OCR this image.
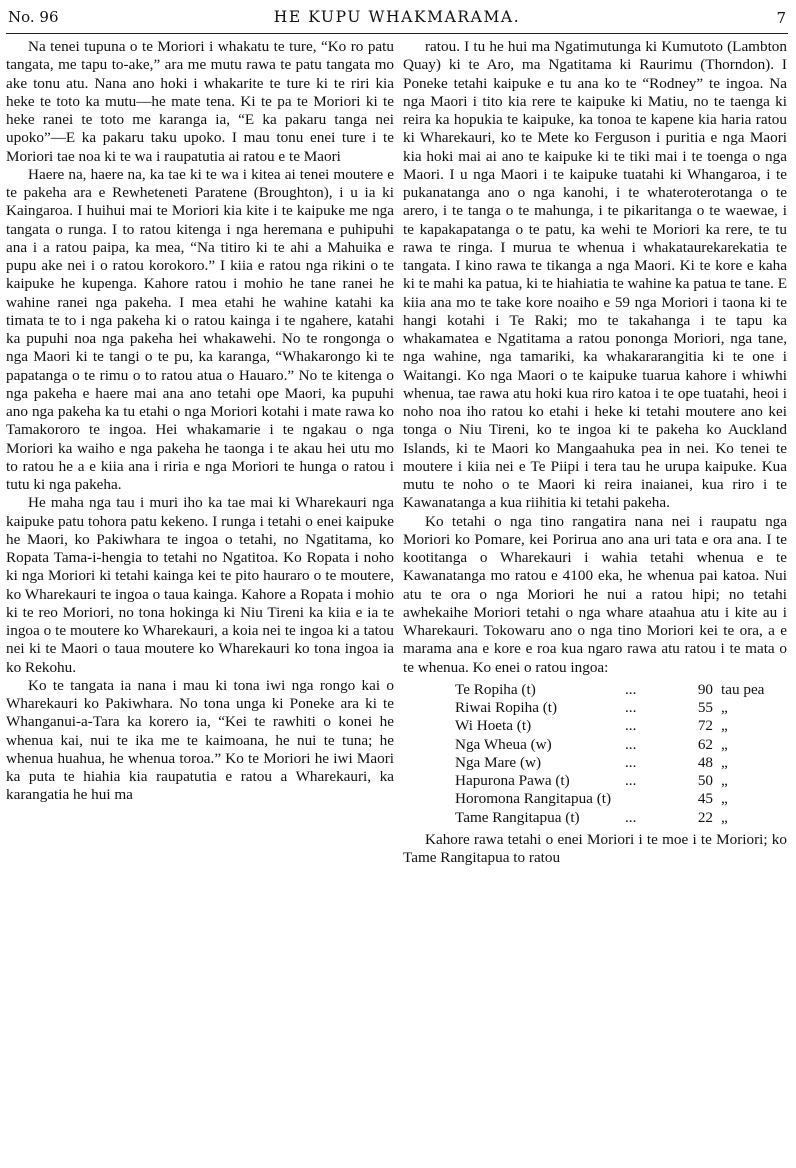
No. 96	HE KUPU WHAKMARAMA.	7

Na tenei tupuna o te Moriori i whakatu te ture, “Ko ro patu tangata, me tapu to-ake,” ara me mutu rawa te patu tangata mo ake tonu atu. Nana ano hoki i whakarite te ture ki te riri kia heke te toto ka mutu—he mate tena. Ki te pa te Moriori ki te heke ranei te toto me karanga ia, “E ka pakaru tanga nei upoko”—E ka pakaru taku upoko. I mau tonu enei ture i te Moriori tae noa ki te wa i raupatutia ai ratou e te Maori

Haere na, haere na, ka tae ki te wa i kitea ai tenei moutere e te pakeha ara e Rewheteneti Paratene (Broughton), i u ia ki Kaingaroa. I huihui mai te Moriori kia kite i te kaipuke me nga tangata o runga. I to ratou kitenga i nga heremana e puhipuhi ana i a ratou paipa, ka mea, “Na titiro ki te ahi a Mahuika e pupu ake nei i o ratou korokoro.” I kiia e ratou nga rikini o te kaipuke he kupenga. Kahore ratou i mohio he tane ranei he wahine ranei nga pakeha. I mea etahi he wahine katahi ka timata te to i nga pakeha ki o ratou kainga i te ngahere, katahi ka pupuhi noa nga pakeha hei whakawehi. No te rongonga o nga Maori ki te tangi o te pu, ka karanga, “Whakarongo ki te papatanga o te rimu o to ratou atua o Hauaro.” No te kitenga o nga pakeha e haere mai ana ano tetahi ope Maori, ka pupuhi ano nga pakeha ka tu etahi o nga Moriori kotahi i mate rawa ko Tamakororo te ingoa. Hei whakamarie i te ngakau o nga Moriori ka waiho e nga pakeha he taonga i te akau hei utu mo to ratou he a e kiia ana i riria e nga Moriori te hunga o ratou i tutu ki nga pakeha.

He maha nga tau i muri iho ka tae mai ki Wharekauri nga kaipuke patu tohora patu kekeno. I runga i tetahi o enei kaipuke he Maori, ko Pakiwhara te ingoa o tetahi, no Ngatitama, ko Ropata Tama-i-hengia to tetahi no Ngatitoa. Ko Ropata i noho ki nga Moriori ki tetahi kainga kei te pito hauraro o te moutere, ko Wharekauri te ingoa o taua kainga. Kahore a Ropata i mohio ki te reo Moriori, no tona hokinga ki Niu Tireni ka kiia e ia te ingoa o te moutere ko Wharekauri, a koia nei te ingoa ki a tatou nei ki te Maori o taua moutere ko Wharekauri ko tona ingoa ia ko Rekohu.

Ko te tangata ia nana i mau ki tona iwi nga rongo kai o Wharekauri ko Pakiwhara. No tona unga ki Poneke ara ki te Whanganui-a-Tara ka korero ia, “Kei te rawhiti o konei he whenua kai, nui te ika me te kaimoana, he nui te tuna; he whenua huahua, he whenua toroa.” Ko te Moriori he iwi Maori ka puta te hiahia kia raupatutia e ratou a Wharekauri, ka karangatia he hui ma

ratou. I tu he hui ma Ngatimutunga ki Kumutoto (Lambton Quay) ki te Aro, ma Ngatitama ki Raurimu (Thorndon). I Poneke tetahi kaipuke e tu ana ko te “Rodney” te ingoa. Na nga Maori i tito kia rere te kaipuke ki Matiu, no te taenga ki reira ka hopukia te kaipuke, ka tonoa te kapene kia haria ratou ki Wharekauri, ko te Mete ko Ferguson i puritia e nga Maori kia hoki mai ai ano te kaipuke ki te tiki mai i te toenga o nga Maori. I u nga Maori i te kaipuke tuatahi ki Whangaroa, i te pukanatanga ano o nga kanohi, i te whateroterotanga o te arero, i te tanga o te mahunga, i te pikaritanga o te waewae, i te kapakapatanga o te patu, ka wehi te Moriori ka rere, te tu rawa te ringa. I murua te whenua i whakataurekarekatia te tangata. I kino rawa te tikanga a nga Maori. Ki te kore e kaha ki te mahi ka patua, ki te hiahiatia te wahine ka patua te tane. E kiia ana mo te take kore noaiho e 59 nga Moriori i taona ki te hangi kotahi i Te Raki; mo te takahanga i te tapu ka whakamatea e Ngatitama a ratou pononga Moriori, nga tane, nga wahine, nga tamariki, ka whakararangitia ki te one i Waitangi. Ko nga Maori o te kaipuke tuarua kahore i whiwhi whenua, tae rawa atu hoki kua riro katoa i te ope tuatahi, heoi i noho noa iho ratou ko etahi i heke ki tetahi moutere ano kei tonga o Niu Tireni, ko te ingoa ki te pakeha ko Auckland Islands, ki te Maori ko Mangaahuka pea in nei. Ko tenei te moutere i kiia nei e Te Piipi i tera tau he urupa kaipuke. Kua mutu te noho o te Maori ki reira inaianei, kua riro i te Kawanatanga a kua riihitia ki tetahi pakeha.

Ko tetahi o nga tino rangatira nana nei i raupatu nga Moriori ko Pomare, kei Porirua ano ana uri tata e ora ana. I te kootitanga o Wharekauri i wahia tetahi whenua e te Kawanatanga mo ratou e 4100 eka, he whenua pai katoa. Nui atu te ora o nga Moriori he nui a ratou hipi; no tetahi awhekaihe Moriori tetahi o nga whare ataahua atu i kite au i Wharekauri. Tokowaru ano o nga tino Moriori kei te ora, a e marama ana e kore e roa kua ngaro rawa atu ratou i te mata o te whenua. Ko enei o ratou ingoa:

Te Ropiha (t)	...	90 tau pea
Riwai Ropiha (t)	...	55 „
Wi Hoeta (t)	...	72 „
Nga Wheua (w)	...	62 „
Nga Mare (w)	...	48 „
Hapurona Pawa (t)	...	50 „
Horomona Rangitapua (t)	45 „
Tame Rangitapua (t)	...	22 „

Kahore rawa tetahi o enei Moriori i te moe i te Moriori; ko Tame Rangitapua to ratou
